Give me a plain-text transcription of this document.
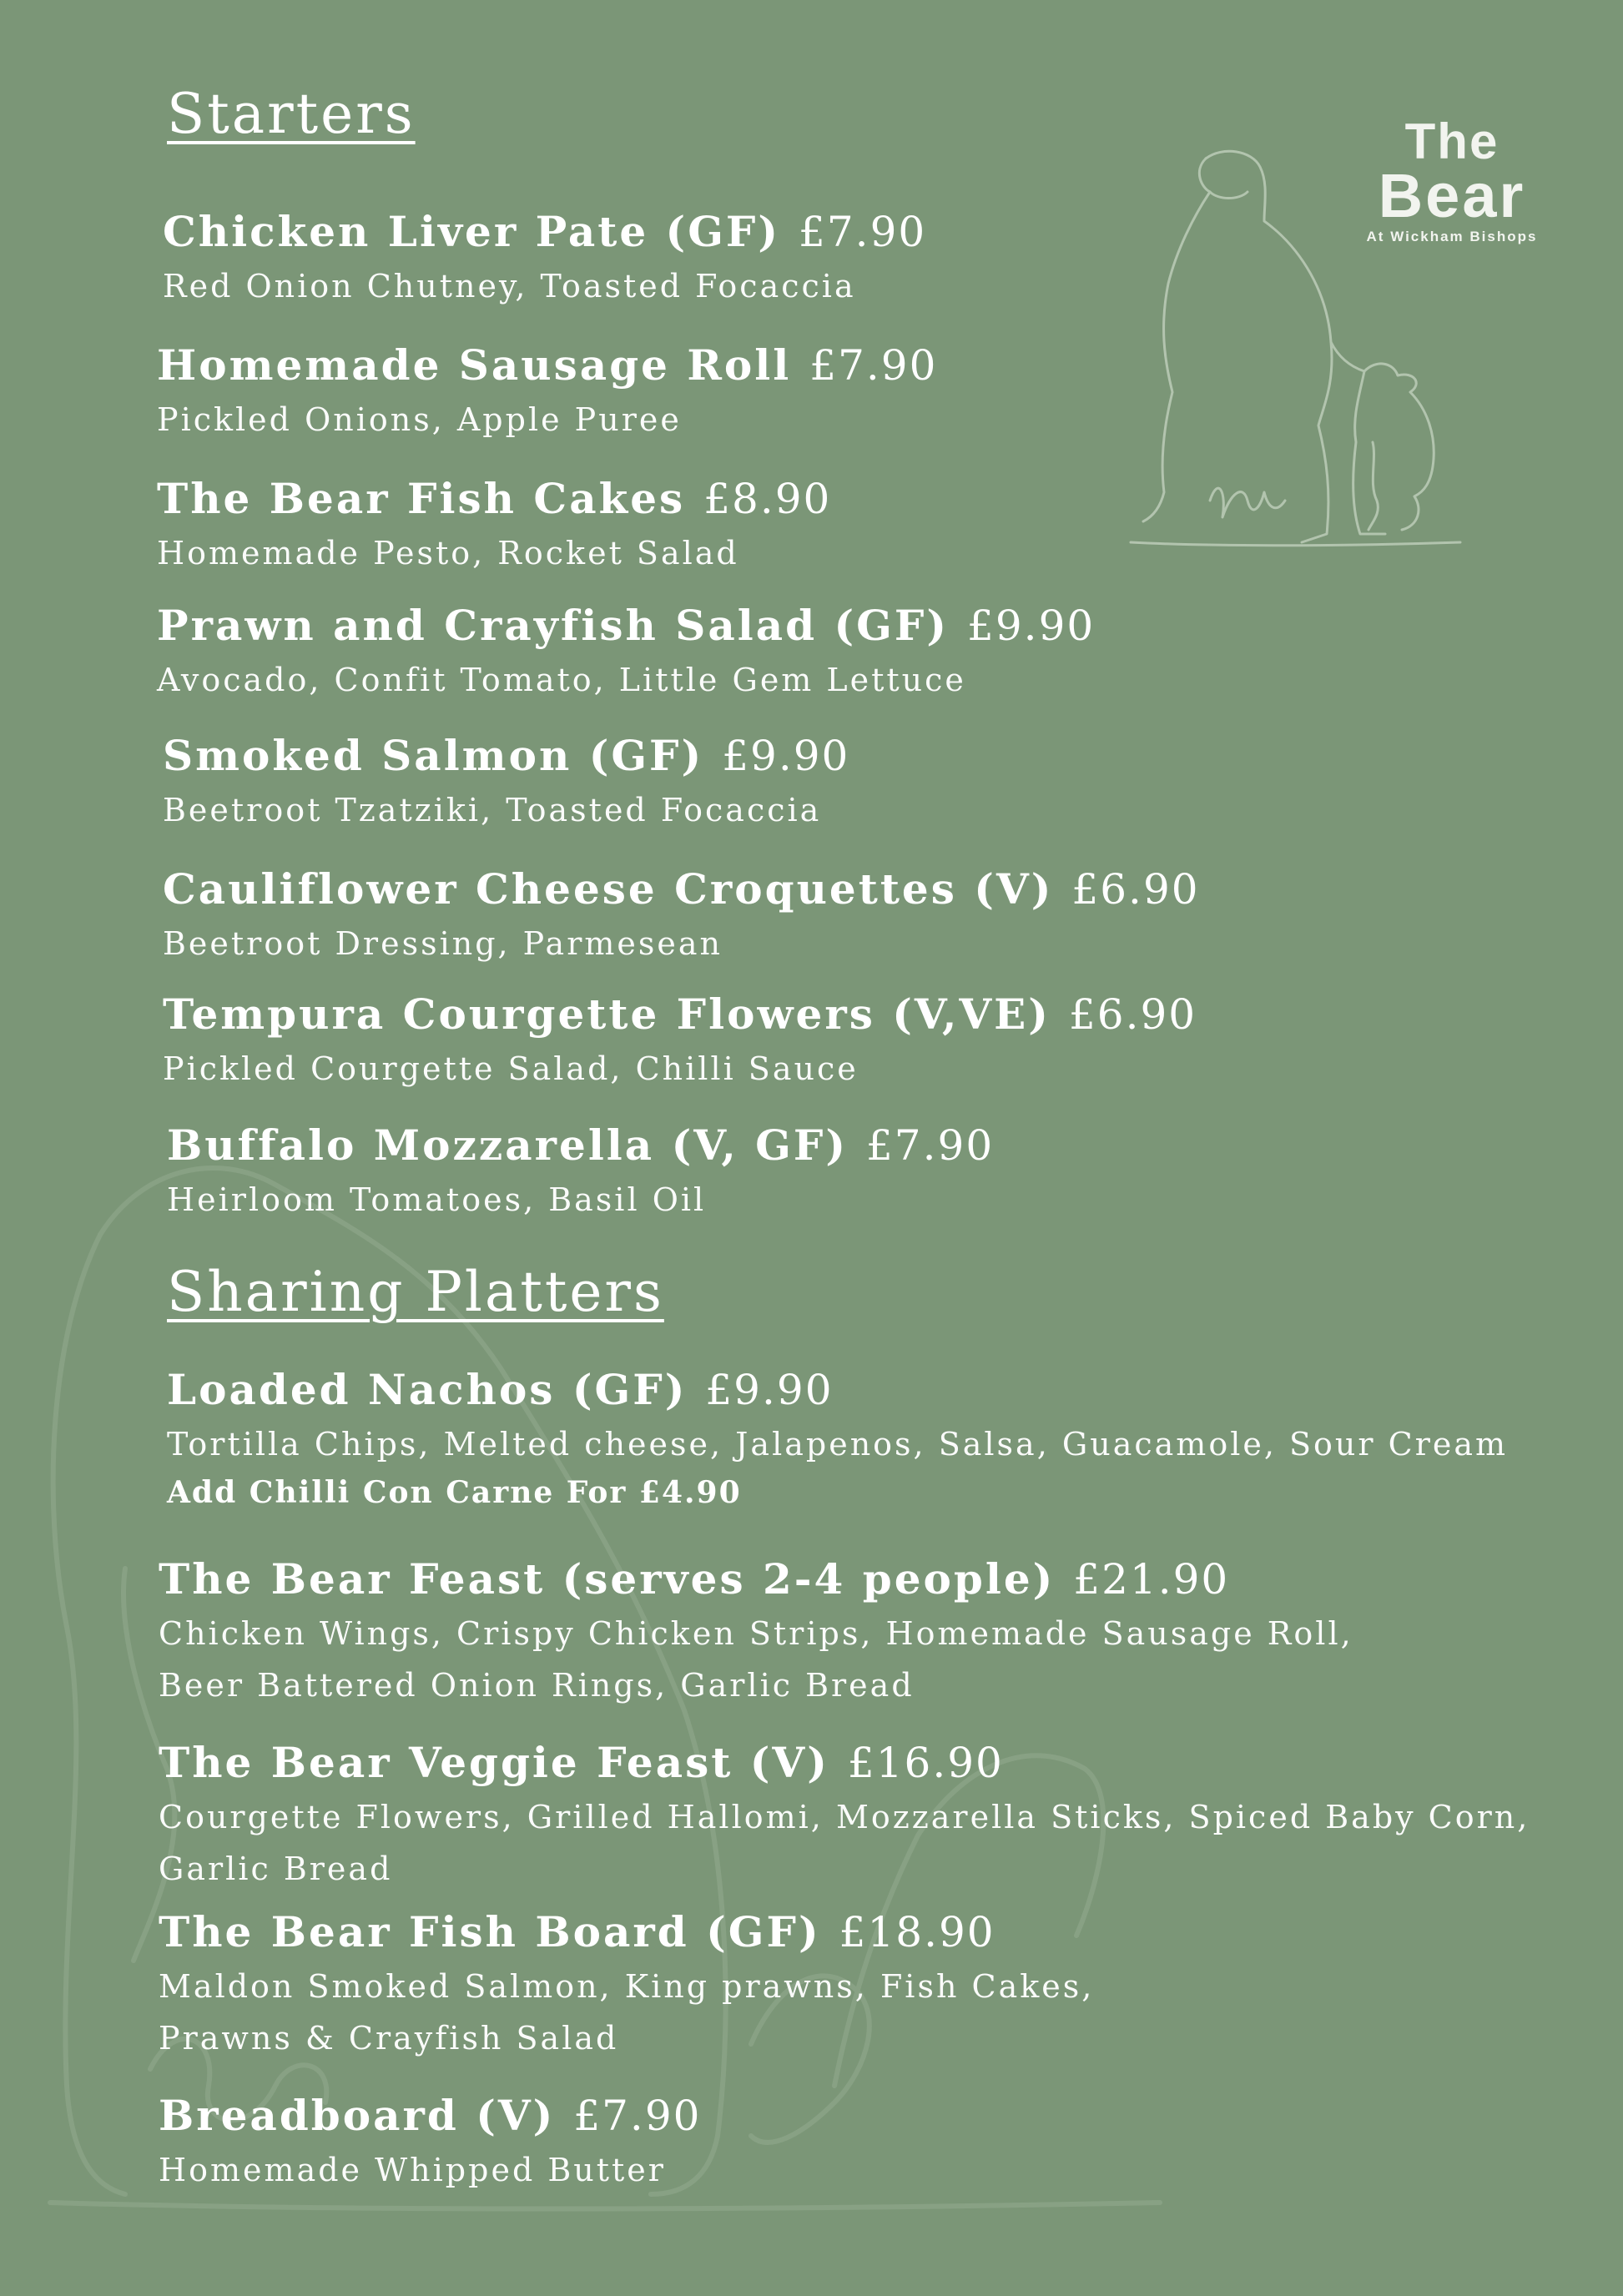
The
Bear
At Wickham Bishops
Starters
Chicken Liver Pate (GF) £7.90
Red Onion Chutney, Toasted Focaccia
Homemade Sausage Roll £7.90
Pickled Onions, Apple Puree
The Bear Fish Cakes £8.90
Homemade Pesto, Rocket Salad
Prawn and Crayfish Salad (GF) £9.90
Avocado, Confit Tomato, Little Gem Lettuce
Smoked Salmon (GF) £9.90
Beetroot Tzatziki, Toasted Focaccia
Cauliflower Cheese Croquettes (V) £6.90
Beetroot Dressing, Parmesean
Tempura Courgette Flowers (V,VE) £6.90
Pickled Courgette Salad, Chilli Sauce
Buffalo Mozzarella (V, GF) £7.90
Heirloom Tomatoes, Basil Oil
Sharing Platters
Loaded Nachos (GF) £9.90
Tortilla Chips, Melted cheese, Jalapenos, Salsa, Guacamole, Sour Cream
Add Chilli Con Carne For £4.90
The Bear Feast (serves 2-4 people) £21.90
Chicken Wings, Crispy Chicken Strips, Homemade Sausage Roll,
Beer Battered Onion Rings, Garlic Bread
The Bear Veggie Feast (V) £16.90
Courgette Flowers, Grilled Hallomi, Mozzarella Sticks, Spiced Baby Corn,
Garlic Bread
The Bear Fish Board (GF) £18.90
Maldon Smoked Salmon, King prawns, Fish Cakes,
Prawns & Crayfish Salad
Breadboard (V) £7.90
Homemade Whipped Butter
